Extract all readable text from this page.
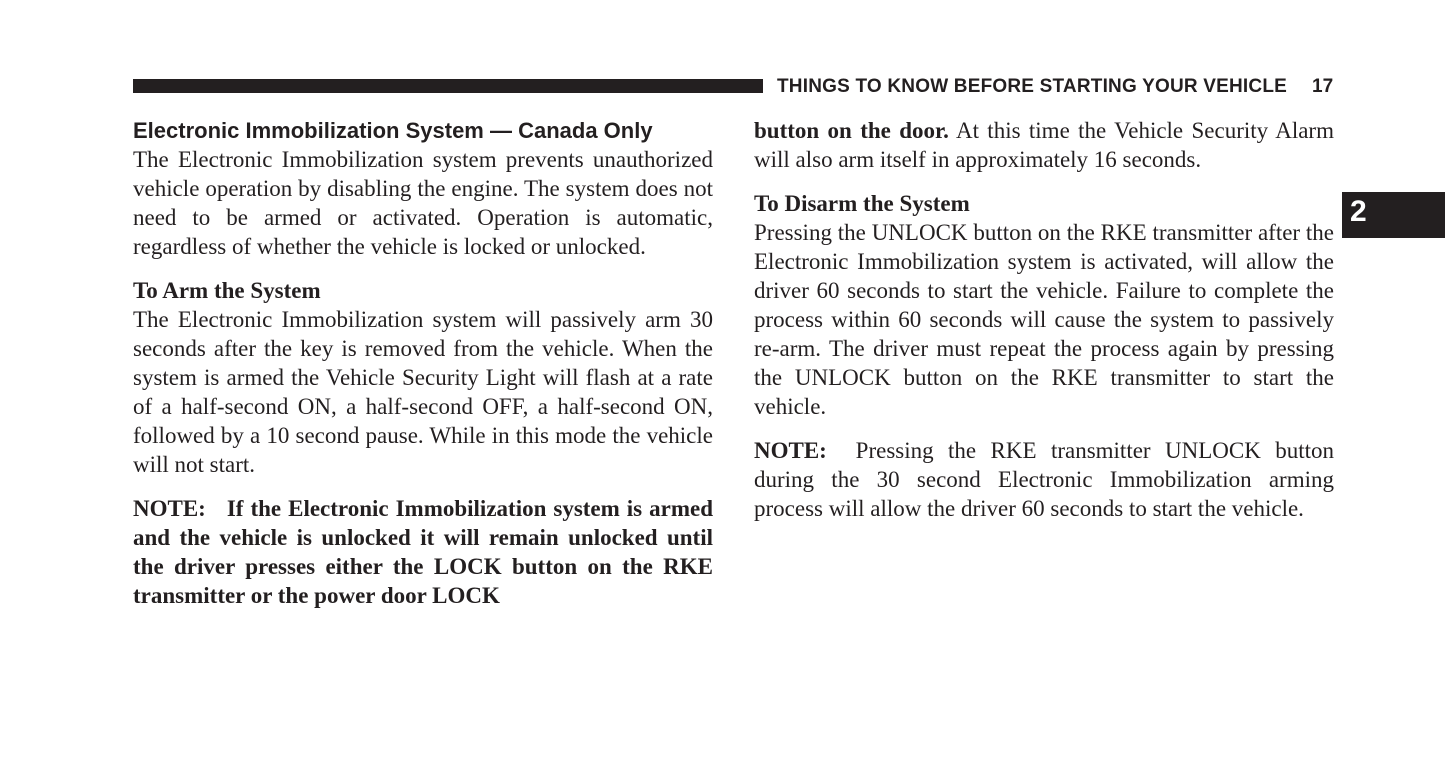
THINGS TO KNOW BEFORE STARTING YOUR VEHICLE 17
Electronic Immobilization System — Canada Only

The Electronic Immobilization system prevents unauthorized vehicle operation by disabling the engine. The system does not need to be armed or activated. Operation is automatic, regardless of whether the vehicle is locked or unlocked.

To Arm the System

The Electronic Immobilization system will passively arm 30 seconds after the key is removed from the vehicle. When the system is armed the Vehicle Security Light will flash at a rate of a half-second ON, a half-second OFF, a half-second ON, followed by a 10 second pause. While in this mode the vehicle will not start.

NOTE: If the Electronic Immobilization system is armed and the vehicle is unlocked it will remain unlocked until the driver presses either the LOCK button on the RKE transmitter or the power door LOCK

button on the door. At this time the Vehicle Security Alarm will also arm itself in approximately 16 seconds.

To Disarm the System

Pressing the UNLOCK button on the RKE transmitter after the Electronic Immobilization system is activated, will allow the driver 60 seconds to start the vehicle. Failure to complete the process within 60 seconds will cause the system to passively re-arm. The driver must repeat the process again by pressing the UNLOCK button on the RKE transmitter to start the vehicle.

NOTE: Pressing the RKE transmitter UNLOCK button during the 30 second Electronic Immobilization arming process will allow the driver 60 seconds to start the vehicle.

2
